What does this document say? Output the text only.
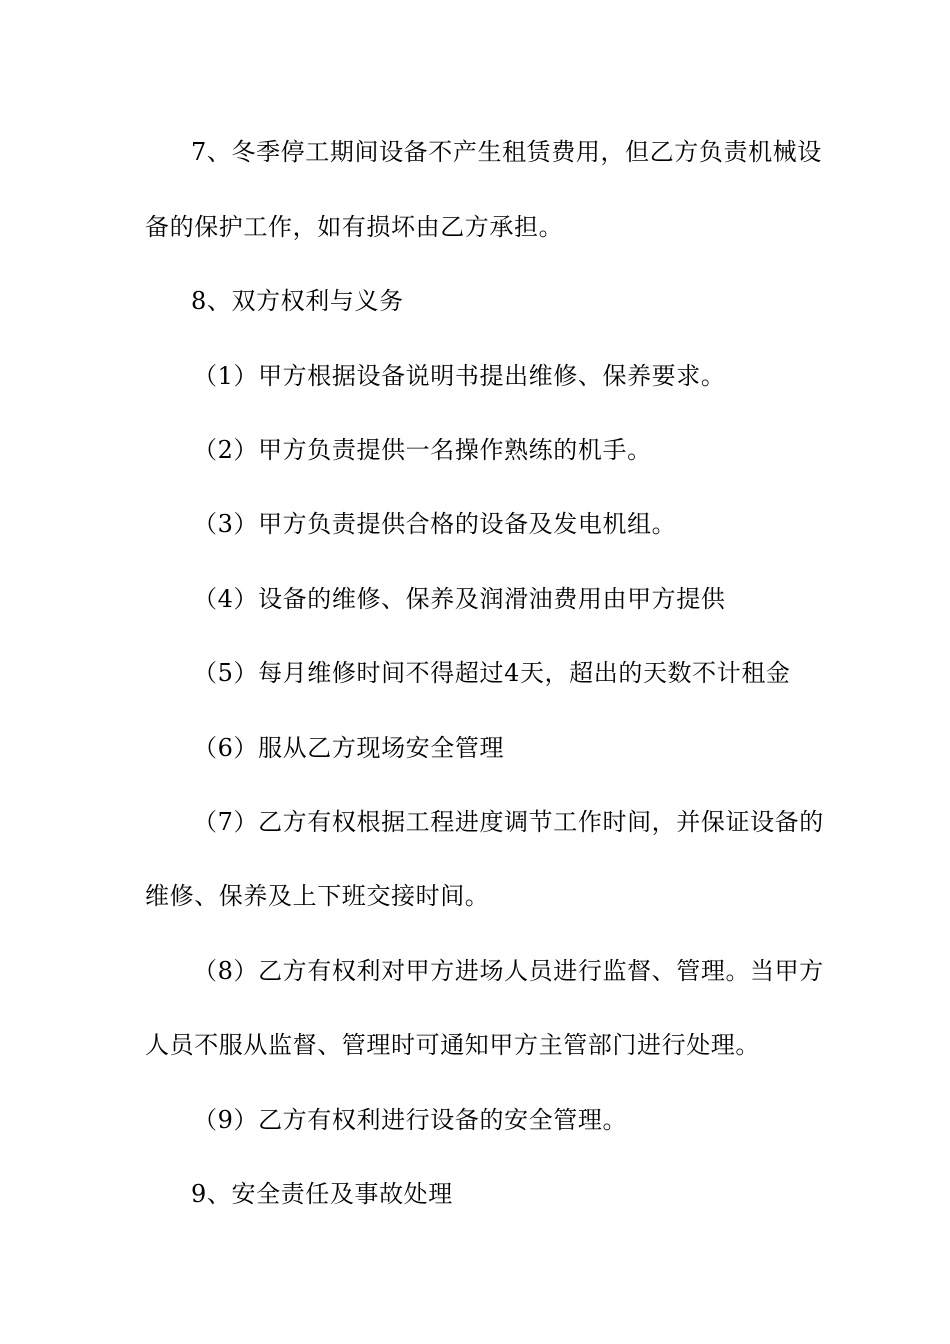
7、冬季停工期间设备不产生租赁费用，但乙方负责机械设
备的保护工作，如有损坏由乙方承担。
8、双方权利与义务
（1）甲方根据设备说明书提出维修、保养要求。
（2）甲方负责提供一名操作熟练的机手。
（3）甲方负责提供合格的设备及发电机组。
（4）设备的维修、保养及润滑油费用由甲方提供
（5）每月维修时间不得超过4天，超出的天数不计租金
（6）服从乙方现场安全管理
（7）乙方有权根据工程进度调节工作时间，并保证设备的
维修、保养及上下班交接时间。
（8）乙方有权利对甲方进场人员进行监督、管理。当甲方
人员不服从监督、管理时可通知甲方主管部门进行处理。
（9）乙方有权利进行设备的安全管理。
9、安全责任及事故处理
